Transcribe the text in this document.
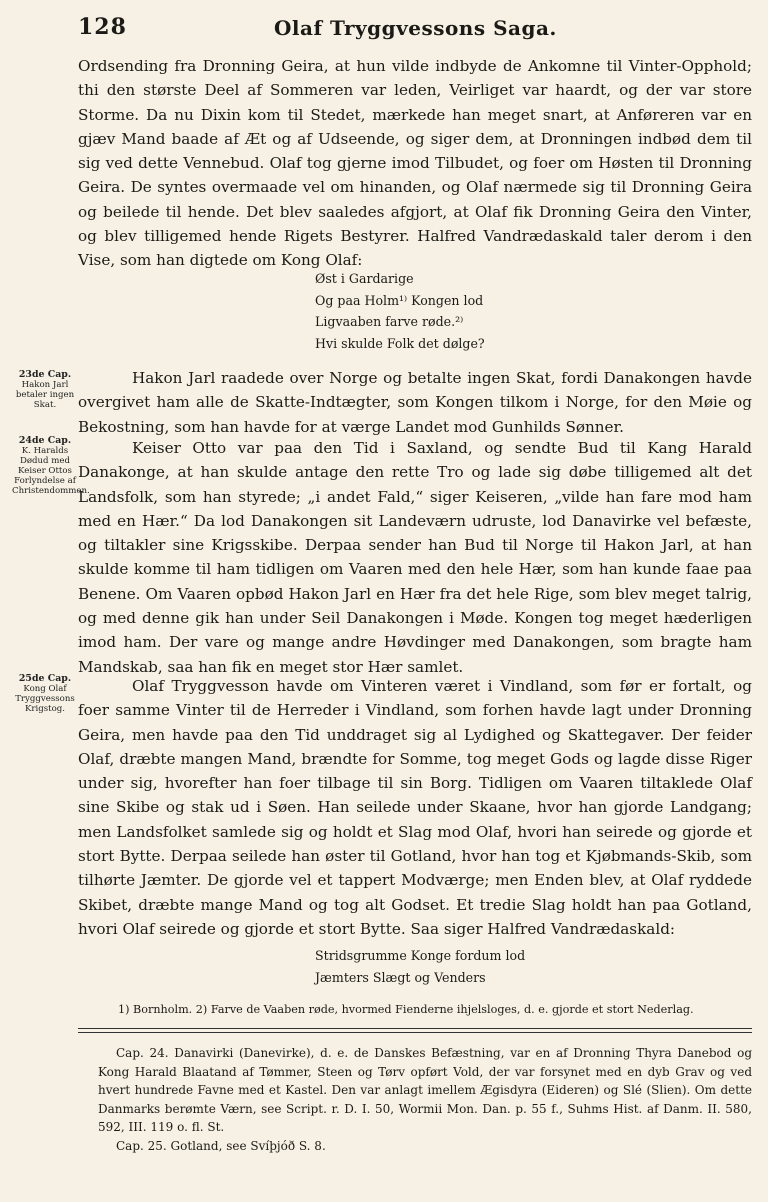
128	Olaf Tryggvessons Saga.

Ordsending fra Dronning Geira, at hun vilde indbyde de Ankomne til Vinter-Opphold; thi den største Deel af Sommeren var leden, Veirliget var haardt, og der var store Storme. Da nu Dixin kom til Stedet, mærkede han meget snart, at Anføreren var en gjæv Mand baade af Æt og af Udseende, og siger dem, at Dronningen indbød dem til sig ved dette Vennebud. Olaf tog gjerne imod Tilbudet, og foer om Høsten til Dronning Geira. De syntes overmaade vel om hinanden, og Olaf nærmede sig til Dronning Geira og beilede til hende. Det blev saaledes afgjort, at Olaf fik Dronning Geira den Vinter, og blev tilligemed hende Rigets Bestyrer. Halfred Vandrædaskald taler derom i den Vise, som han digtede om Kong Olaf:

Øst i Gardarige
Og paa Holm¹⁾ Kongen lod
Ligvaaben farve røde.²⁾
Hvi skulde Folk det dølge?
23de Cap.
Hakon Jarl betaler ingen Skat.

Hakon Jarl raadede over Norge og betalte ingen Skat, fordi Danakongen havde overgivet ham alle de Skatte-Indtægter, som Kongen tilkom i Norge, for den Møie og Bekostning, som han havde for at værge Landet mod Gunhilds Sønner.

24de Cap.
K. Haralds Dødud med Keiser Ottos Forlyndelse af Christendommen.

Keiser Otto var paa den Tid i Saxland, og sendte Bud til Kang Harald Danakonge, at han skulde antage den rette Tro og lade sig døbe tilligemed alt det Landsfolk, som han styrede; „i andet Fald,“ siger Keiseren, „vilde han fare mod ham med en Hær.“ Da lod Danakongen sit Landeværn udruste, lod Danavirke vel befæste, og tiltakler sine Krigsskibe. Derpaa sender han Bud til Norge til Hakon Jarl, at han skulde komme til ham tidligen om Vaaren med den hele Hær, som han kunde faae paa Benene. Om Vaaren opbød Hakon Jarl en Hær fra det hele Rige, som blev meget talrig, og med denne gik han under Seil Danakongen i Møde. Kongen tog meget hæderligen imod ham. Der vare og mange andre Høvdinger med Danakongen, som bragte ham Mandskab, saa han fik en meget stor Hær samlet.

25de Cap.
Kong Olaf Tryggvessons Krigstog.

Olaf Tryggvesson havde om Vinteren været i Vindland, som før er fortalt, og foer samme Vinter til de Herreder i Vindland, som forhen havde lagt under Dronning Geira, men havde paa den Tid unddraget sig al Lydighed og Skattegaver. Der feider Olaf, dræbte mangen Mand, brændte for Somme, tog meget Gods og lagde disse Riger under sig, hvorefter han foer tilbage til sin Borg. Tidligen om Vaaren tiltaklede Olaf sine Skibe og stak ud i Søen. Han seilede under Skaane, hvor han gjorde Landgang; men Landsfolket samlede sig og holdt et Slag mod Olaf, hvori han seirede og gjorde et stort Bytte. Derpaa seilede han øster til Gotland, hvor han tog et Kjøbmands-Skib, som tilhørte Jæmter. De gjorde vel et tappert Modværge; men Enden blev, at Olaf ryddede Skibet, dræbte mange Mand og tog alt Godset. Et tredie Slag holdt han paa Gotland, hvori Olaf seirede og gjorde et stort Bytte. Saa siger Halfred Vandrædaskald:

Stridsgrumme Konge fordum lod
Jæmters Slægt og Venders
1) Bornholm. 2) Farve de Vaaben røde, hvormed Fienderne ihjelsloges, d. e. gjorde et stort Nederlag.

Cap. 24. Danavirki (Danevirke), d. e. de Danskes Befæstning, var en af Dronning Thyra Danebod og Kong Harald Blaatand af Tømmer, Steen og Tørv opført Vold, der var forsynet med en dyb Grav og ved hvert hundrede Favne med et Kastel. Den var anlagt imellem Ægisdyra (Eideren) og Slé (Slien). Om dette Danmarks berømte Værn, see Script. r. D. I. 50, Wormii Mon. Dan. p. 55 f., Suhms Hist. af Danm. II. 580, 592, III. 119 o. fl. St.

Cap. 25. Gotland, see Svíþjóð S. 8.
